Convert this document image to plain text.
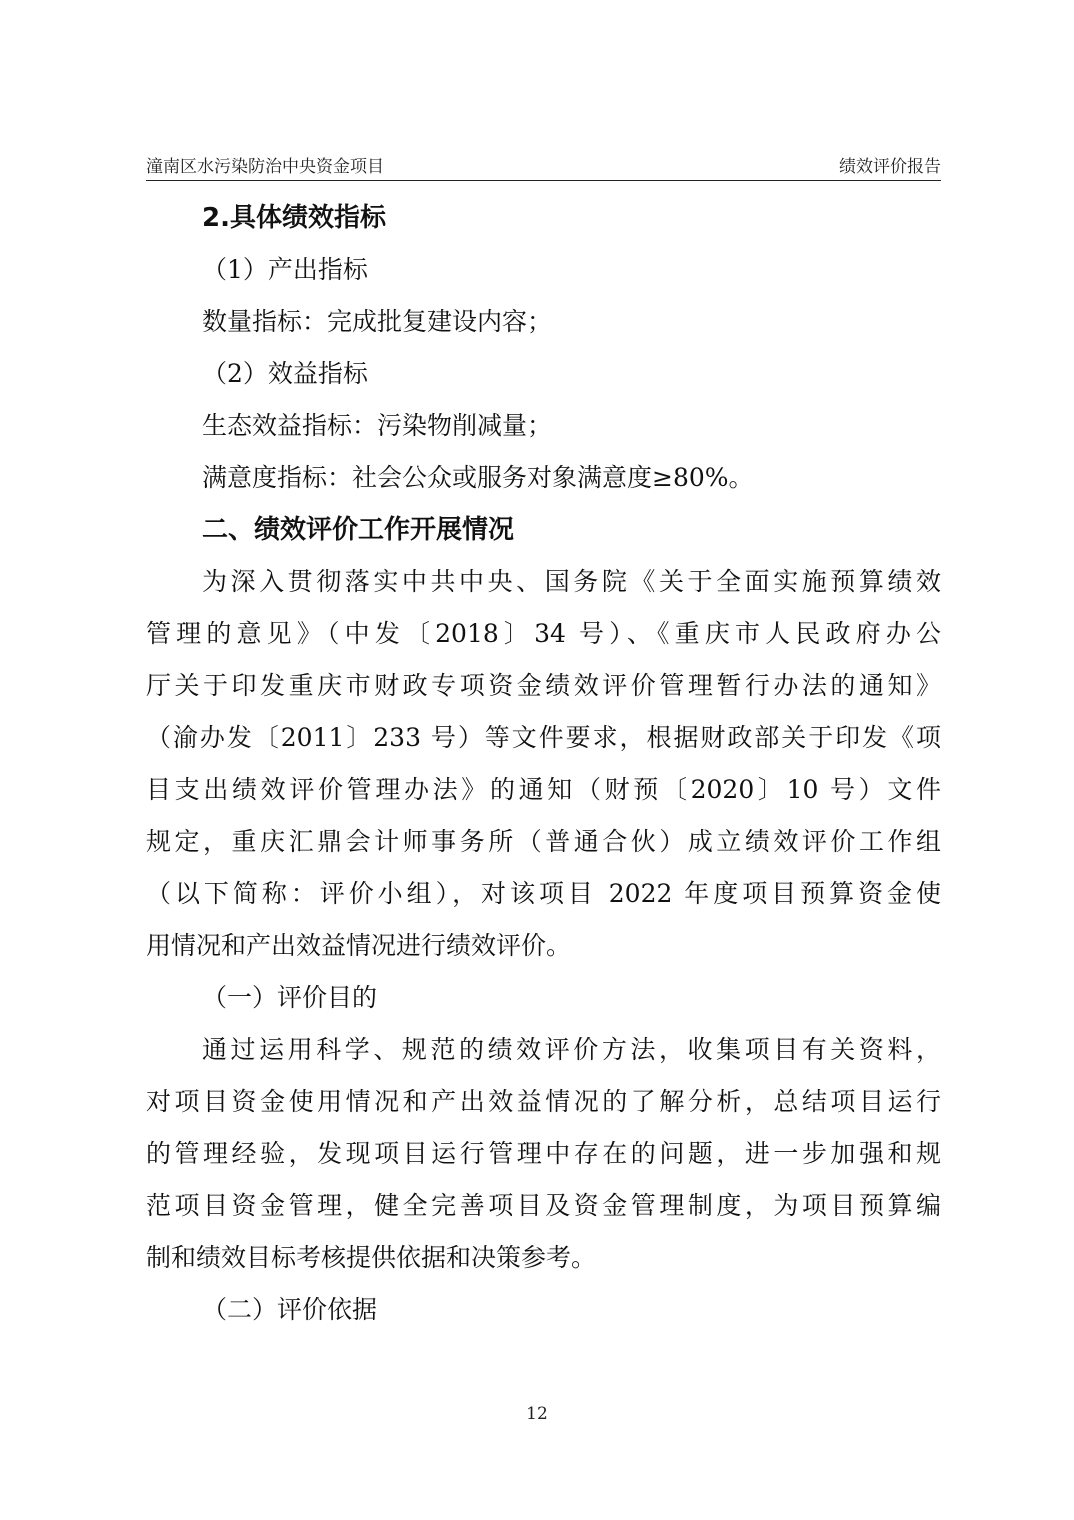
潼南区水污染防治中央资金项目	绩效评价报告
2.具体绩效指标
（1）产出指标
数量指标：完成批复建设内容；
（2）效益指标
生态效益指标：污染物削减量；
满意度指标：社会公众或服务对象满意度≥80%。
二、绩效评价工作开展情况
为深入贯彻落实中共中央、国务院《关于全面实施预算绩效
管理的意见》（中发〔2018〕34 号）、《重庆市人民政府办公
厅关于印发重庆市财政专项资金绩效评价管理暂行办法的通知》
（渝办发〔2011〕233 号）等文件要求，根据财政部关于印发《项
目支出绩效评价管理办法》的通知（财预〔2020〕10 号）文件
规定，重庆汇鼎会计师事务所（普通合伙）成立绩效评价工作组
（以下简称：评价小组），对该项目 2022 年度项目预算资金使
用情况和产出效益情况进行绩效评价。
（一）评价目的
通过运用科学、规范的绩效评价方法，收集项目有关资料，
对项目资金使用情况和产出效益情况的了解分析，总结项目运行
的管理经验，发现项目运行管理中存在的问题，进一步加强和规
范项目资金管理，健全完善项目及资金管理制度，为项目预算编
制和绩效目标考核提供依据和决策参考。
（二）评价依据
12
